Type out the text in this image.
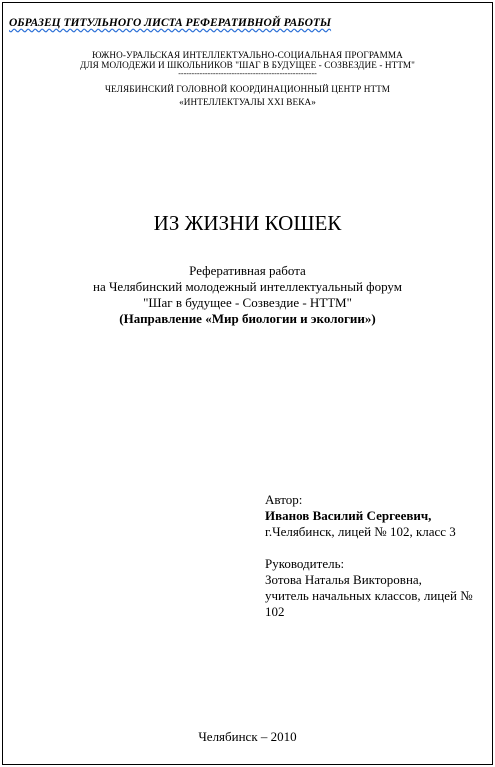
ОБРАЗЕЦ ТИТУЛЬНОГО ЛИСТА РЕФЕРАТИВНОЙ РАБОТЫ
ЮЖНО-УРАЛЬСКАЯ ИНТЕЛЛЕКТУАЛЬНО-СОЦИАЛЬНАЯ ПРОГРАММА
ДЛЯ МОЛОДЕЖИ И ШКОЛЬНИКОВ "ШАГ В БУДУЩЕЕ - СОЗВЕЗДИЕ - НТТМ"
----------------------------------------------------
ЧЕЛЯБИНСКИЙ ГОЛОВНОЙ КООРДИНАЦИОННЫЙ ЦЕНТР НТТМ
«ИНТЕЛЛЕКТУАЛЫ XXI ВЕКА»
ИЗ ЖИЗНИ КОШЕК
Реферативная работа
на Челябинский молодежный интеллектуальный форум
"Шаг в будущее - Созвездие - НТТМ"
(Направление «Мир биологии и экологии»)
Автор:
Иванов Василий Сергеевич,
г.Челябинск, лицей № 102, класс 3
Руководитель:
Зотова Наталья Викторовна,
учитель начальных классов, лицей № 102
Челябинск – 2010
